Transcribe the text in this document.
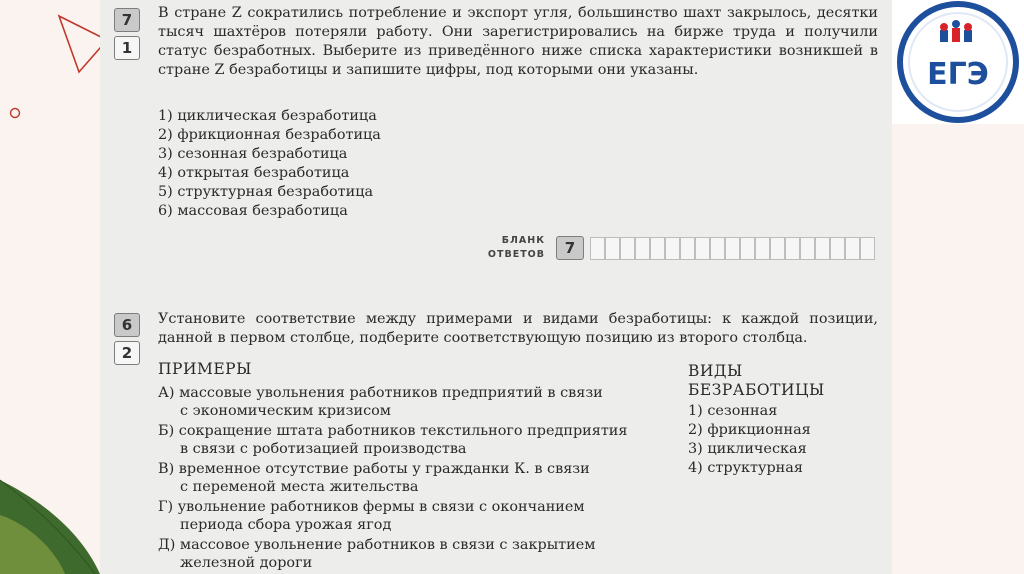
ЕГЭ
7
1
В стране Z сократились потребление и экспорт угля, большинство шахт закрылось, десятки тысяч шахтёров потеряли работу. Они зарегистрировались на бирже труда и получили статус безработных. Выберите из приведённого ниже списка характеристики возникшей в стране Z безработицы и запишите цифры, под которыми они указаны.
1) циклическая безработица
2) фрикционная безработица
3) сезонная безработица
4) открытая безработица
5) структурная безработица
6) массовая безработица
БЛАНК
ОТВЕТОВ	7
6
2
Установите соответствие между примерами и видами безработицы: к каждой позиции, данной в первом столбце, подберите соответствующую позицию из второго столбца.
ПРИМЕРЫ	ВИДЫ
БЕЗРАБОТИЦЫ
А) массовые увольнения работников предприятий в связи
с экономическим кризисом
Б) сокращение штата работников текстильного предприятия
в связи с роботизацией производства
В) временное отсутствие работы у гражданки К. в связи
с переменой места жительства
Г) увольнение работников фермы в связи с окончанием
периода сбора урожая ягод
Д) массовое увольнение работников в связи с закрытием
железной дороги
1) сезонная
2) фрикционная
3) циклическая
4) структурная
